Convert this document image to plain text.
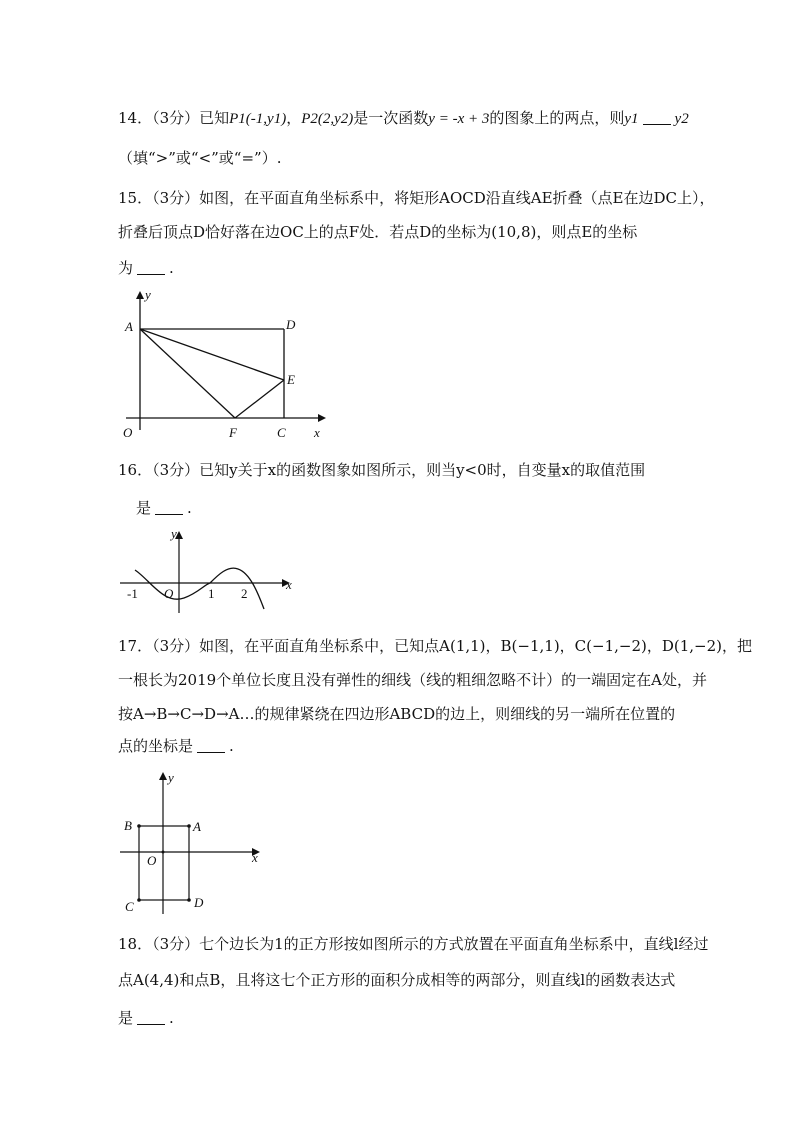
14．（3分）已知P1(-1,y1)，P2(2,y2)是一次函数y = -x + 3的图象上的两点，则y1 y2
（填“>”或“<”或“=”）.
15．（3分）如图，在平面直角坐标系中，将矩形AOCD沿直线AE折叠（点E在边DC上），
折叠后顶点D恰好落在边OC上的点F处．若点D的坐标为(10,8)，则点E的坐标
为 .
y
A	D
E
O	F	C x
16．（3分）已知y关于x的函数图象如图所示，则当y<0时，自变量x的取值范围
是 .
y
x
-1 O	1 2
17．（3分）如图，在平面直角坐标系中，已知点A(1,1)，B(−1,1)，C(−1,−2)，D(1,−2)，把
一根长为2019个单位长度且没有弹性的细线（线的粗细忽略不计）的一端固定在A处，并
按A→B→C→D→A…的规律紧绕在四边形ABCD的边上，则细线的另一端所在位置的
点的坐标是 .
y
B	A
O	x
C	D
18．（3分）七个边长为1的正方形按如图所示的方式放置在平面直角坐标系中，直线l经过
点A(4,4)和点B，且将这七个正方形的面积分成相等的两部分，则直线l的函数表达式
是 .
